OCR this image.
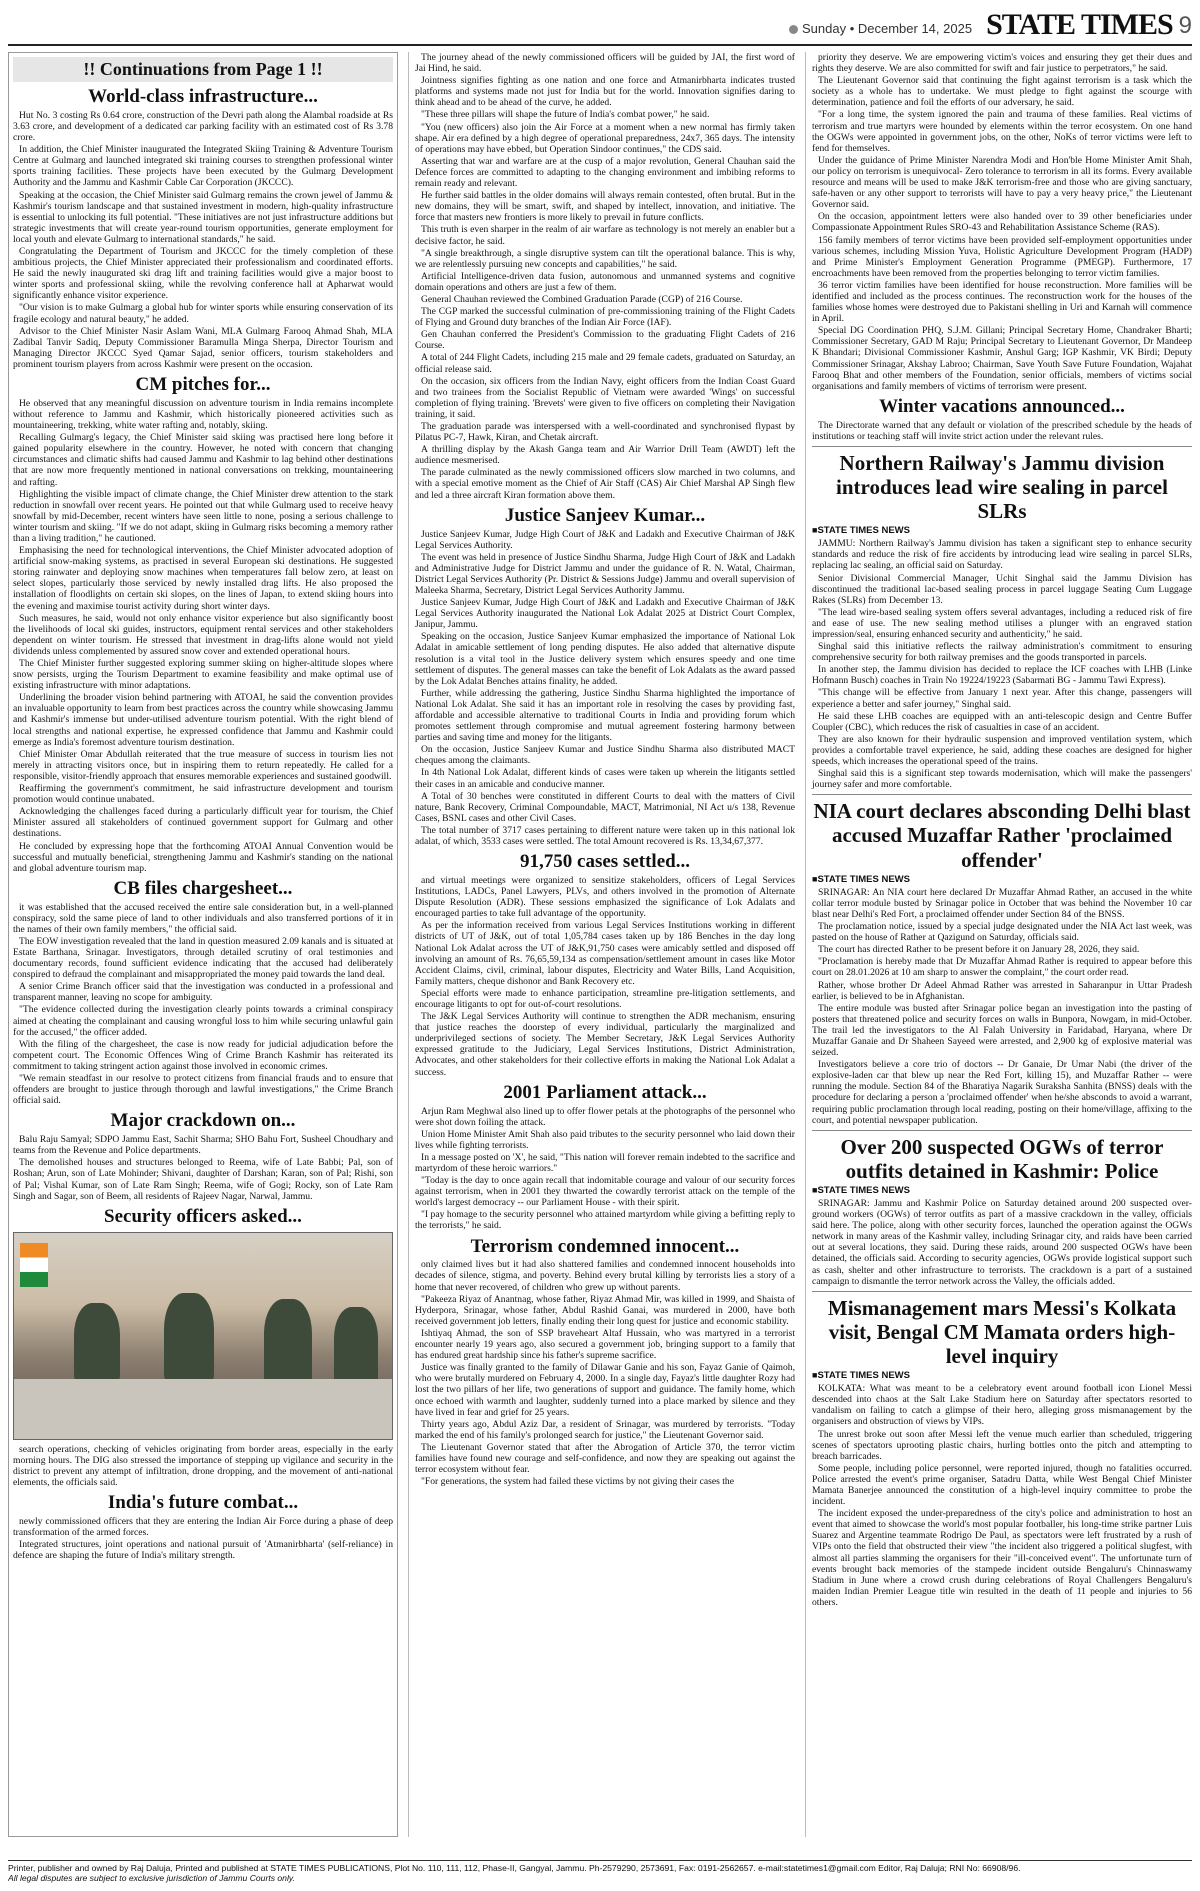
Sunday • December 14, 2025 STATE TIMES 9
!! Continuations from Page 1 !!
World-class infrastructure...

Hut No. 3 costing Rs 0.64 crore, construction of the Devri path along the Alambal roadside at Rs 3.63 crore, and development of a dedicated car parking facility with an estimated cost of Rs 3.78 crore.

In addition, the Chief Minister inaugurated the Integrated Skiing Training & Adventure Tourism Centre at Gulmarg and launched integrated ski training courses to strengthen professional winter sports training facilities. These projects have been executed by the Gulmarg Development Authority and the Jammu and Kashmir Cable Car Corporation (JKCCC).

Speaking at the occasion, the Chief Minister said Gulmarg remains the crown jewel of Jammu & Kashmir's tourism landscape and that sustained investment in modern, high-quality infrastructure is essential to unlocking its full potential. "These initiatives are not just infrastructure additions but strategic investments that will create year-round tourism opportunities, generate employment for local youth and elevate Gulmarg to international standards," he said.

Congratulating the Department of Tourism and JKCCC for the timely completion of these ambitious projects, the Chief Minister appreciated their professionalism and coordinated efforts. He said the newly inaugurated ski drag lift and training facilities would give a major boost to winter sports and professional skiing, while the revolving conference hall at Apharwat would significantly enhance visitor experience.

"Our vision is to make Gulmarg a global hub for winter sports while ensuring conservation of its fragile ecology and natural beauty," he added.

Advisor to the Chief Minister Nasir Aslam Wani, MLA Gulmarg Farooq Ahmad Shah, MLA Zadibal Tanvir Sadiq, Deputy Commissioner Baramulla Minga Sherpa, Director Tourism and Managing Director JKCCC Syed Qamar Sajad, senior officers, tourism stakeholders and prominent tourism players from across Kashmir were present on the occasion.

CM pitches for...

He observed that any meaningful discussion on adventure tourism in India remains incomplete without reference to Jammu and Kashmir, which historically pioneered activities such as mountaineering, trekking, white water rafting and, notably, skiing.

Recalling Gulmarg's legacy, the Chief Minister said skiing was practised here long before it gained popularity elsewhere in the country. However, he noted with concern that changing circumstances and climatic shifts had caused Jammu and Kashmir to lag behind other destinations that are now more frequently mentioned in national conversations on trekking, mountaineering and rafting.

Highlighting the visible impact of climate change, the Chief Minister drew attention to the stark reduction in snowfall over recent years. He pointed out that while Gulmarg used to receive heavy snowfall by mid-December, recent winters have seen little to none, posing a serious challenge to winter tourism and skiing. "If we do not adapt, skiing in Gulmarg risks becoming a memory rather than a living tradition," he cautioned.

Emphasising the need for technological interventions, the Chief Minister advocated adoption of artificial snow-making systems, as practised in several European ski destinations. He suggested storing rainwater and deploying snow machines when temperatures fall below zero, at least on select slopes, particularly those serviced by newly installed drag lifts. He also proposed the installation of floodlights on certain ski slopes, on the lines of Japan, to extend skiing hours into the evening and maximise tourist activity during short winter days.

Such measures, he said, would not only enhance visitor experience but also significantly boost the livelihoods of local ski guides, instructors, equipment rental services and other stakeholders dependent on winter tourism. He stressed that investment in drag-lifts alone would not yield dividends unless complemented by assured snow cover and extended operational hours.

The Chief Minister further suggested exploring summer skiing on higher-altitude slopes where snow persists, urging the Tourism Department to examine feasibility and make optimal use of existing infrastructure with minor adaptations.

Underlining the broader vision behind partnering with ATOAI, he said the convention provides an invaluable opportunity to learn from best practices across the country while showcasing Jammu and Kashmir's immense but under-utilised adventure tourism potential. With the right blend of local strengths and national expertise, he expressed confidence that Jammu and Kashmir could emerge as India's foremost adventure tourism destination.

Chief Minister Omar Abdullah reiterated that the true measure of success in tourism lies not merely in attracting visitors once, but in inspiring them to return repeatedly. He called for a responsible, visitor-friendly approach that ensures memorable experiences and sustained goodwill.

Reaffirming the government's commitment, he said infrastructure development and tourism promotion would continue unabated.

Acknowledging the challenges faced during a particularly difficult year for tourism, the Chief Minister assured all stakeholders of continued government support for Gulmarg and other destinations.

He concluded by expressing hope that the forthcoming ATOAI Annual Convention would be successful and mutually beneficial, strengthening Jammu and Kashmir's standing on the national and global adventure tourism map.

CB files chargesheet...

it was established that the accused received the entire sale consideration but, in a well-planned conspiracy, sold the same piece of land to other individuals and also transferred portions of it in the names of their own family members," the official said.

The EOW investigation revealed that the land in question measured 2.09 kanals and is situated at Estate Barthana, Srinagar. Investigators, through detailed scrutiny of oral testimonies and documentary records, found sufficient evidence indicating that the accused had deliberately conspired to defraud the complainant and misappropriated the money paid towards the land deal.

A senior Crime Branch officer said that the investigation was conducted in a professional and transparent manner, leaving no scope for ambiguity.

"The evidence collected during the investigation clearly points towards a criminal conspiracy aimed at cheating the complainant and causing wrongful loss to him while securing unlawful gain for the accused," the officer added.

With the filing of the chargesheet, the case is now ready for judicial adjudication before the competent court. The Economic Offences Wing of Crime Branch Kashmir has reiterated its commitment to taking stringent action against those involved in economic crimes.

"We remain steadfast in our resolve to protect citizens from financial frauds and to ensure that offenders are brought to justice through thorough and lawful investigations," the Crime Branch official said.

Major crackdown on...

Balu Raju Samyal; SDPO Jammu East, Sachit Sharma; SHO Bahu Fort, Susheel Choudhary and teams from the Revenue and Police departments.

The demolished houses and structures belonged to Reema, wife of Late Babbi; Pal, son of Roshan; Arun, son of Late Mohinder; Shivani, daughter of Darshan; Karan, son of Pal; Rishi, son of Pal; Vishal Kumar, son of Late Ram Singh; Reema, wife of Gogi; Rocky, son of Late Ram Singh and Sagar, son of Beem, all residents of Rajeev Nagar, Narwal, Jammu.

Security officers asked...

search operations, checking of vehicles originating from border areas, especially in the early morning hours. The DIG also stressed the importance of stepping up vigilance and security in the district to prevent any attempt of infiltration, drone dropping, and the movement of anti-national elements, the officials said.

India's future combat...

newly commissioned officers that they are entering the Indian Air Force during a phase of deep transformation of the armed forces.

Integrated structures, joint operations and national pursuit of 'Atmanirbharta' (self-reliance) in defence are shaping the future of India's military strength.

The journey ahead of the newly commissioned officers will be guided by JAI, the first word of Jai Hind, he said.

Jointness signifies fighting as one nation and one force and Atmanirbharta indicates trusted platforms and systems made not just for India but for the world. Innovation signifies daring to think ahead and to be ahead of the curve, he added.

"These three pillars will shape the future of India's combat power," he said.

"You (new officers) also join the Air Force at a moment when a new normal has firmly taken shape. Air era defined by a high degree of operational preparedness, 24x7, 365 days. The intensity of operations may have ebbed, but Operation Sindoor continues," the CDS said.

Asserting that war and warfare are at the cusp of a major revolution, General Chauhan said the Defence forces are committed to adapting to the changing environment and imbibing reforms to remain ready and relevant.

He further said battles in the older domains will always remain contested, often brutal. But in the new domains, they will be smart, swift, and shaped by intellect, innovation, and initiative. The force that masters new frontiers is more likely to prevail in future conflicts.

This truth is even sharper in the realm of air warfare as technology is not merely an enabler but a decisive factor, he said.

"A single breakthrough, a single disruptive system can tilt the operational balance. This is why, we are relentlessly pursuing new concepts and capabilities," he said.

Artificial Intelligence-driven data fusion, autonomous and unmanned systems and cognitive domain operations and others are just a few of them.

General Chauhan reviewed the Combined Graduation Parade (CGP) of 216 Course.

The CGP marked the successful culmination of pre-commissioning training of the Flight Cadets of Flying and Ground duty branches of the Indian Air Force (IAF).

Gen Chauhan conferred the President's Commission to the graduating Flight Cadets of 216 Course.

A total of 244 Flight Cadets, including 215 male and 29 female cadets, graduated on Saturday, an official release said.

On the occasion, six officers from the Indian Navy, eight officers from the Indian Coast Guard and two trainees from the Socialist Republic of Vietnam were awarded 'Wings' on successful completion of flying training. 'Brevets' were given to five officers on completing their Navigation training, it said.

The graduation parade was interspersed with a well-coordinated and synchronised flypast by Pilatus PC-7, Hawk, Kiran, and Chetak aircraft.

A thrilling display by the Akash Ganga team and Air Warrior Drill Team (AWDT) left the audience mesmerised.

The parade culminated as the newly commissioned officers slow marched in two columns, and with a special emotive moment as the Chief of Air Staff (CAS) Air Chief Marshal AP Singh flew and led a three aircraft Kiran formation above them.

Justice Sanjeev Kumar...

Justice Sanjeev Kumar, Judge High Court of J&K and Ladakh and Executive Chairman of J&K Legal Services Authority.

The event was held in presence of Justice Sindhu Sharma, Judge High Court of J&K and Ladakh and Administrative Judge for District Jammu and under the guidance of R. N. Watal, Chairman, District Legal Services Authority (Pr. District & Sessions Judge) Jammu and overall supervision of Maleeka Sharma, Secretary, District Legal Services Authority Jammu.

Justice Sanjeev Kumar, Judge High Court of J&K and Ladakh and Executive Chairman of J&K Legal Services Authority inaugurated the National Lok Adalat 2025 at District Court Complex, Janipur, Jammu.

Speaking on the occasion, Justice Sanjeev Kumar emphasized the importance of National Lok Adalat in amicable settlement of long pending disputes. He also added that alternative dispute resolution is a vital tool in the Justice delivery system which ensures speedy and one time settlement of disputes. The general masses can take the benefit of Lok Adalats as the award passed by the Lok Adalat Benches attains finality, he added.

Further, while addressing the gathering, Justice Sindhu Sharma highlighted the importance of National Lok Adalat. She said it has an important role in resolving the cases by providing fast, affordable and accessible alternative to traditional Courts in India and providing forum which promotes settlement through compromise and mutual agreement fostering harmony between parties and saving time and money for the litigants.

On the occasion, Justice Sanjeev Kumar and Justice Sindhu Sharma also distributed MACT cheques among the claimants.

In 4th National Lok Adalat, different kinds of cases were taken up wherein the litigants settled their cases in an amicable and conducive manner.

A Total of 30 benches were constituted in different Courts to deal with the matters of Civil nature, Bank Recovery, Criminal Compoundable, MACT, Matrimonial, NI Act u/s 138, Revenue Cases, BSNL cases and other Civil Cases.

The total number of 3717 cases pertaining to different nature were taken up in this national lok adalat, of which, 3533 cases were settled. The total Amount recovered is Rs. 13,34,67,377.

91,750 cases settled...

and virtual meetings were organized to sensitize stakeholders, officers of Legal Services Institutions, LADCs, Panel Lawyers, PLVs, and others involved in the promotion of Alternate Dispute Resolution (ADR). These sessions emphasized the significance of Lok Adalats and encouraged parties to take full advantage of the opportunity.

As per the information received from various Legal Services Institutions working in different districts of UT of J&K, out of total 1,05,784 cases taken up by 186 Benches in the day long National Lok Adalat across the UT of J&K,91,750 cases were amicably settled and disposed off involving an amount of Rs. 76,65,59,134 as compensation/settlement amount in cases like Motor Accident Claims, civil, criminal, labour disputes, Electricity and Water Bills, Land Acquisition, Family matters, cheque dishonor and Bank Recovery etc.

Special efforts were made to enhance participation, streamline pre-litigation settlements, and encourage litigants to opt for out-of-court resolutions.

The J&K Legal Services Authority will continue to strengthen the ADR mechanism, ensuring that justice reaches the doorstep of every individual, particularly the marginalized and underprivileged sections of society. The Member Secretary, J&K Legal Services Authority expressed gratitude to the Judiciary, Legal Services Institutions, District Administration, Advocates, and other stakeholders for their collective efforts in making the National Lok Adalat a success.

2001 Parliament attack...

Arjun Ram Meghwal also lined up to offer flower petals at the photographs of the personnel who were shot down foiling the attack.

Union Home Minister Amit Shah also paid tributes to the security personnel who laid down their lives while fighting terrorists.

In a message posted on 'X', he said, "This nation will forever remain indebted to the sacrifice and martyrdom of these heroic warriors."

"Today is the day to once again recall that indomitable courage and valour of our security forces against terrorism, when in 2001 they thwarted the cowardly terrorist attack on the temple of the world's largest democracy -- our Parliament House - with their spirit.

"I pay homage to the security personnel who attained martyrdom while giving a befitting reply to the terrorists," he said.

Terrorism condemned innocent...

only claimed lives but it had also shattered families and condemned innocent households into decades of silence, stigma, and poverty. Behind every brutal killing by terrorists lies a story of a home that never recovered, of children who grew up without parents.

"Pakeeza Riyaz of Anantnag, whose father, Riyaz Ahmad Mir, was killed in 1999, and Shaista of Hyderpora, Srinagar, whose father, Abdul Rashid Ganai, was murdered in 2000, have both received government job letters, finally ending their long quest for justice and economic stability.

Ishtiyaq Ahmad, the son of SSP braveheart Altaf Hussain, who was martyred in a terrorist encounter nearly 19 years ago, also secured a government job, bringing support to a family that has endured great hardship since his father's supreme sacrifice.

Justice was finally granted to the family of Dilawar Ganie and his son, Fayaz Ganie of Qaimoh, who were brutally murdered on February 4, 2000. In a single day, Fayaz's little daughter Rozy had lost the two pillars of her life, two generations of support and guidance. The family home, which once echoed with warmth and laughter, suddenly turned into a place marked by silence and they have lived in fear and grief for 25 years.

Thirty years ago, Abdul Aziz Dar, a resident of Srinagar, was murdered by terrorists. "Today marked the end of his family's prolonged search for justice," the Lieutenant Governor said.

The Lieutenant Governor stated that after the Abrogation of Article 370, the terror victim families have found new courage and self-confidence, and now they are speaking out against the terror ecosystem without fear.

"For generations, the system had failed these victims by not giving their cases the

priority they deserve. We are empowering victim's voices and ensuring they get their dues and rights they deserve. We are also committed for swift and fair justice to perpetrators," he said.

The Lieutenant Governor said that continuing the fight against terrorism is a task which the society as a whole has to undertake. We must pledge to fight against the scourge with determination, patience and foil the efforts of our adversary, he said.

"For a long time, the system ignored the pain and trauma of these families. Real victims of terrorism and true martyrs were hounded by elements within the terror ecosystem. On one hand the OGWs were appointed in government jobs, on the other, NoKs of terror victims were left to fend for themselves.

Under the guidance of Prime Minister Narendra Modi and Hon'ble Home Minister Amit Shah, our policy on terrorism is unequivocal- Zero tolerance to terrorism in all its forms. Every available resource and means will be used to make J&K terrorism-free and those who are giving sanctuary, safe-haven or any other support to terrorists will have to pay a very heavy price," the Lieutenant Governor said.

On the occasion, appointment letters were also handed over to 39 other beneficiaries under Compassionate Appointment Rules SRO-43 and Rehabilitation Assistance Scheme (RAS).

156 family members of terror victims have been provided self-employment opportunities under various schemes, including Mission Yuva, Holistic Agriculture Development Program (HADP) and Prime Minister's Employment Generation Programme (PMEGP). Furthermore, 17 encroachments have been removed from the properties belonging to terror victim families.

36 terror victim families have been identified for house reconstruction. More families will be identified and included as the process continues. The reconstruction work for the houses of the families whose homes were destroyed due to Pakistani shelling in Uri and Karnah will commence in April.

Special DG Coordination PHQ, S.J.M. Gillani; Principal Secretary Home, Chandraker Bharti; Commissioner Secretary, GAD M Raju; Principal Secretary to Lieutenant Governor, Dr Mandeep K Bhandari; Divisional Commissioner Kashmir, Anshul Garg; IGP Kashmir, VK Birdi; Deputy Commissioner Srinagar, Akshay Labroo; Chairman, Save Youth Save Future Foundation, Wajahat Farooq Bhat and other members of the Foundation, senior officials, members of victims social organisations and family members of victims of terrorism were present.

Winter vacations announced...

The Directorate warned that any default or violation of the prescribed schedule by the heads of institutions or teaching staff will invite strict action under the relevant rules.

Northern Railway's Jammu division introduces lead wire sealing in parcel SLRs
■ STATE TIMES NEWS

JAMMU: Northern Railway's Jammu division has taken a significant step to enhance security standards and reduce the risk of fire accidents by introducing lead wire sealing in parcel SLRs, replacing lac sealing, an official said on Saturday.

Senior Divisional Commercial Manager, Uchit Singhal said the Jammu Division has discontinued the traditional lac-based sealing process in parcel luggage Seating Cum Luggage Rakes (SLRs) from December 13.

"The lead wire-based sealing system offers several advantages, including a reduced risk of fire and ease of use. The new sealing method utilises a plunger with an engraved station impression/seal, ensuring enhanced security and authenticity," he said.

Singhal said this initiative reflects the railway administration's commitment to ensuring comprehensive security for both railway premises and the goods transported in parcels.

In another step, the Jammu division has decided to replace the ICF coaches with LHB (Linke Hofmann Busch) coaches in Train No 19224/19223 (Sabarmati BG - Jammu Tawi Express).

"This change will be effective from January 1 next year. After this change, passengers will experience a better and safer journey," Singhal said.

He said these LHB coaches are equipped with an anti-telescopic design and Centre Buffer Coupler (CBC), which reduces the risk of casualties in case of an accident.

They are also known for their hydraulic suspension and improved ventilation system, which provides a comfortable travel experience, he said, adding these coaches are designed for higher speeds, which increases the operational speed of the trains.

Singhal said this is a significant step towards modernisation, which will make the passengers' journey safer and more comfortable.

NIA court declares absconding Delhi blast accused Muzaffar Rather 'proclaimed offender'
■ STATE TIMES NEWS

SRINAGAR: An NIA court here declared Dr Muzaffar Ahmad Rather, an accused in the white collar terror module busted by Srinagar police in October that was behind the November 10 car blast near Delhi's Red Fort, a proclaimed offender under Section 84 of the BNSS.

The proclamation notice, issued by a special judge designated under the NIA Act last week, was pasted on the house of Rather at Qazigund on Saturday, officials said.

The court has directed Rather to be present before it on January 28, 2026, they said.

"Proclamation is hereby made that Dr Muzaffar Ahmad Rather is required to appear before this court on 28.01.2026 at 10 am sharp to answer the complaint," the court order read.

Rather, whose brother Dr Adeel Ahmad Rather was arrested in Saharanpur in Uttar Pradesh earlier, is believed to be in Afghanistan.

The entire module was busted after Srinagar police began an investigation into the pasting of posters that threatened police and security forces on walls in Bunpora, Nowgam, in mid-October. The trail led the investigators to the Al Falah University in Faridabad, Haryana, where Dr Muzaffar Ganaie and Dr Shaheen Sayeed were arrested, and 2,900 kg of explosive material was seized.

Investigators believe a core trio of doctors -- Dr Ganaie, Dr Umar Nabi (the driver of the explosive-laden car that blew up near the Red Fort, killing 15), and Muzaffar Rather -- were running the module. Section 84 of the Bharatiya Nagarik Suraksha Sanhita (BNSS) deals with the procedure for declaring a person a 'proclaimed offender' when he/she absconds to avoid a warrant, requiring public proclamation through local reading, posting on their home/village, affixing to the court, and potential newspaper publication.

Over 200 suspected OGWs of terror outfits detained in Kashmir: Police
■ STATE TIMES NEWS

SRINAGAR: Jammu and Kashmir Police on Saturday detained around 200 suspected over-ground workers (OGWs) of terror outfits as part of a massive crackdown in the valley, officials said here. The police, along with other security forces, launched the operation against the OGWs network in many areas of the Kashmir valley, including Srinagar city, and raids have been carried out at several locations, they said. During these raids, around 200 suspected OGWs have been detained, the officials said. According to security agencies, OGWs provide logistical support such as cash, shelter and other infrastructure to terrorists. The crackdown is a part of a sustained campaign to dismantle the terror network across the Valley, the officials added.

Mismanagement mars Messi's Kolkata visit, Bengal CM Mamata orders high-level inquiry
■ STATE TIMES NEWS

KOLKATA: What was meant to be a celebratory event around football icon Lionel Messi descended into chaos at the Salt Lake Stadium here on Saturday after spectators resorted to vandalism on failing to catch a glimpse of their hero, alleging gross mismanagement by the organisers and obstruction of views by VIPs.

The unrest broke out soon after Messi left the venue much earlier than scheduled, triggering scenes of spectators uprooting plastic chairs, hurling bottles onto the pitch and attempting to breach barricades.

Some people, including police personnel, were reported injured, though no fatalities occurred. Police arrested the event's prime organiser, Satadru Datta, while West Bengal Chief Minister Mamata Banerjee announced the constitution of a high-level inquiry committee to probe the incident.

The incident exposed the under-preparedness of the city's police and administration to host an event that aimed to showcase the world's most popular footballer, his long-time strike partner Luis Suarez and Argentine teammate Rodrigo De Paul, as spectators were left frustrated by a rush of VIPs onto the field that obstructed their view "the incident also triggered a political slugfest, with almost all parties slamming the organisers for their "ill-conceived event". The unfortunate turn of events brought back memories of the stampede incident outside Bengaluru's Chinnaswamy Stadium in June where a crowd crush during celebrations of Royal Challengers Bengaluru's maiden Indian Premier League title win resulted in the death of 11 people and injuries to 56 others.

Printer, publisher and owned by Raj Daluja, Printed and published at STATE TIMES PUBLICATIONS, Plot No. 110, 111, 112, Phase-II, Gangyal, Jammu. Ph-2579290, 2573691, Fax: 0191-2562657. e-mail:statetimes1@gmail.com Editor, Raj Daluja; RNI No: 66908/96.
All legal disputes are subject to exclusive jurisdiction of Jammu Courts only.
